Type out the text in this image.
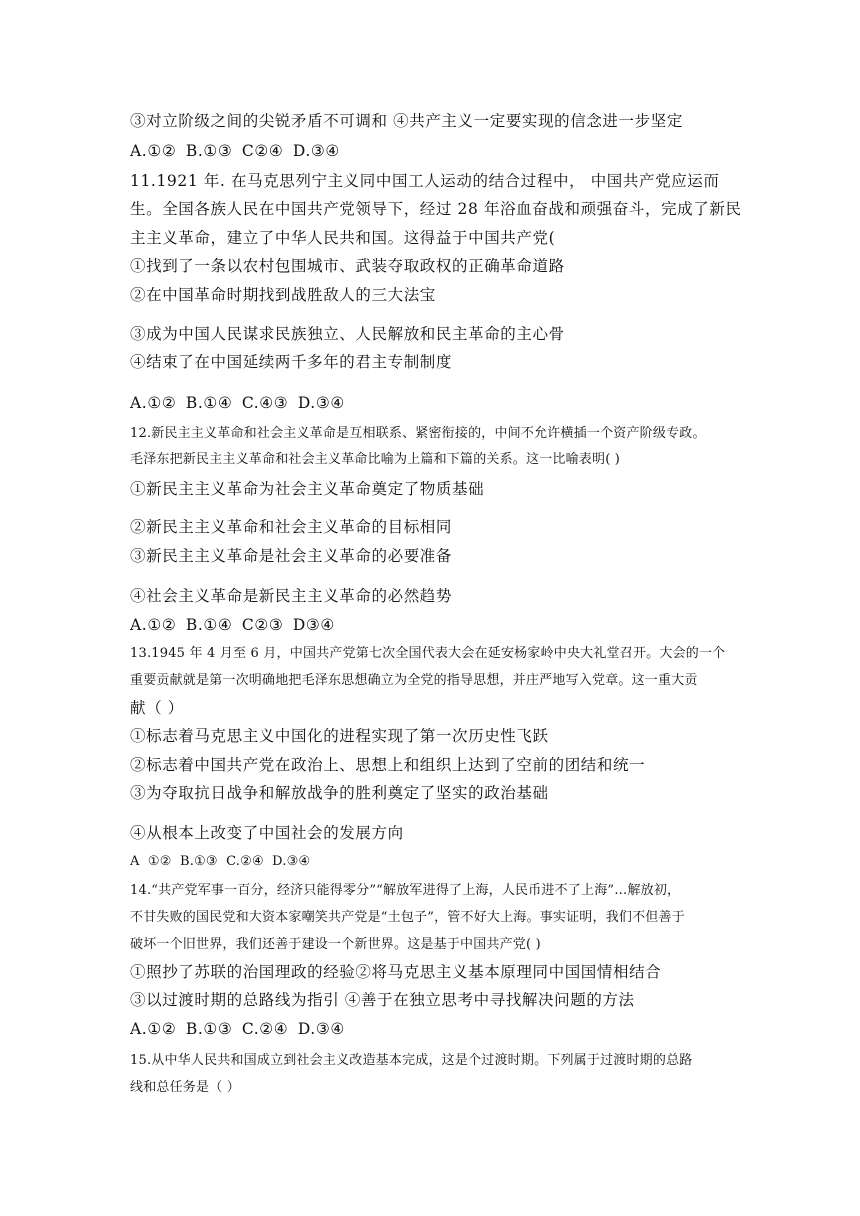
③对立阶级之间的尖锐矛盾不可调和 ④共产主义一定要实现的信念进一步坚定
A.①② B.①③ C②④ D.③④
11.1921 年. 在马克思列宁主义同中国工人运动的结合过程中， 中国共产党应运而
生。全国各族人民在中国共产党领导下，经过 28 年浴血奋战和顽强奋斗，完成了新民
主主义革命，建立了中华人民共和国。这得益于中国共产党(
①找到了一条以农村包围城市、武装夺取政权的正确革命道路
②在中国革命时期找到战胜敌人的三大法宝
③成为中国人民谋求民族独立、人民解放和民主革命的主心骨
④结束了在中国延续两千多年的君主专制制度
A.①② B.①④ C.④③ D.③④
12.新民主主义革命和社会主义革命是互相联系、紧密衔接的，中间不允许横插一个资产阶级专政。
毛泽东把新民主主义革命和社会主义革命比喻为上篇和下篇的关系。这一比喻表明( )
①新民主主义革命为社会主义革命奠定了物质基础
②新民主主义革命和社会主义革命的目标相同
③新民主主义革命是社会主义革命的必要准备
④社会主义革命是新民主主义革命的必然趋势
A.①② B.①④ C②③ D③④
13.1945 年 4 月至 6 月，中国共产党第七次全国代表大会在延安杨家岭中央大礼堂召开。大会的一个
重要贡献就是第一次明确地把毛泽东思想确立为全党的指导思想，并庄严地写入党章。这一重大贡
献（ ）
①标志着马克思主义中国化的进程实现了第一次历史性飞跃
②标志着中国共产党在政治上、思想上和组织上达到了空前的团结和统一
③为夺取抗日战争和解放战争的胜利奠定了坚实的政治基础
④从根本上改变了中国社会的发展方向
A ①② B.①③ C.②④ D.③④
14.“共产党军事一百分，经济只能得零分”“解放军进得了上海，人民币进不了上海”…解放初，
不甘失败的国民党和大资本家嘲笑共产党是“土包子”，管不好大上海。事实证明，我们不但善于
破坏一个旧世界，我们还善于建设一个新世界。这是基于中国共产党( )
①照抄了苏联的治国理政的经验②将马克思主义基本原理同中国国情相结合
③以过渡时期的总路线为指引 ④善于在独立思考中寻找解决问题的方法
A.①② B.①③ C.②④ D.③④
15.从中华人民共和国成立到社会主义改造基本完成，这是个过渡时期。下列属于过渡时期的总路
线和总任务是（ ）
